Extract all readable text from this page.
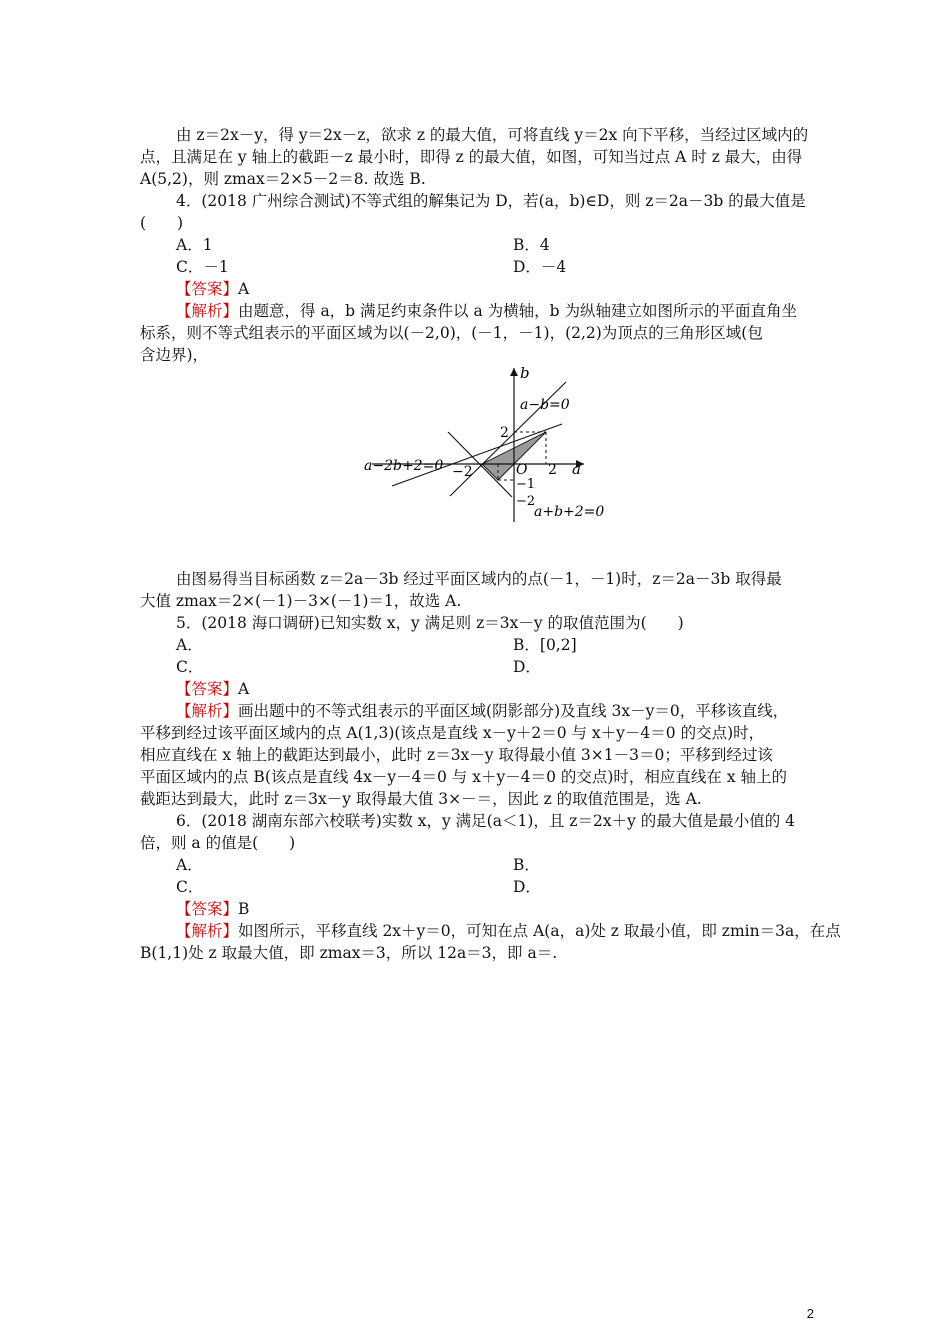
由 z＝2x－y，得 y＝2x－z，欲求 z 的最大值，可将直线 y＝2x 向下平移，当经过区域内的
点，且满足在 y 轴上的截距－z 最小时，即得 z 的最大值，如图，可知当过点 A 时 z 最大，由得
A(5,2)，则 zmax＝2×5－2＝8. 故选 B.
4．(2018 广州综合测试)不等式组的解集记为 D，若(a，b)∈D，则 z＝2a－3b 的最大值是
(　　)
A．1	B．4
C．－1	D．－4
【答案】A
【解析】由题意，得 a，b 满足约束条件以 a 为横轴，b 为纵轴建立如图所示的平面直角坐
标系，则不等式组表示的平面区域为以(－2,0)，(－1，－1)，(2,2)为顶点的三角形区域(包
含边界)，
b
a
O
a−b=0
a−2b+2=0
a+b+2=0
2
2
−2
−1
−2
由图易得当目标函数 z＝2a－3b 经过平面区域内的点(－1，－1)时，z＝2a－3b 取得最
大值 zmax＝2×(－1)－3×(－1)＝1，故选 A.
5．(2018 海口调研)已知实数 x，y 满足则 z＝3x－y 的取值范围为(　　)
A．	B．[0,2]
C．	D．
【答案】A
【解析】画出题中的不等式组表示的平面区域(阴影部分)及直线 3x－y＝0，平移该直线，
平移到经过该平面区域内的点 A(1,3)(该点是直线 x－y＋2＝0 与 x＋y－4＝0 的交点)时，
相应直线在 x 轴上的截距达到最小，此时 z＝3x－y 取得最小值 3×1－3＝0；平移到经过该
平面区域内的点 B(该点是直线 4x－y－4＝0 与 x＋y－4＝0 的交点)时，相应直线在 x 轴上的
截距达到最大，此时 z＝3x－y 取得最大值 3×－＝，因此 z 的取值范围是，选 A.
6．(2018 湖南东部六校联考)实数 x，y 满足(a＜1)，且 z＝2x＋y 的最大值是最小值的 4
倍，则 a 的值是(　　)
A．	B．
C．	D．
【答案】B
【解析】如图所示，平移直线 2x＋y＝0，可知在点 A(a，a)处 z 取最小值，即 zmin＝3a，在点
B(1,1)处 z 取最大值，即 zmax＝3，所以 12a＝3，即 a＝.
2
